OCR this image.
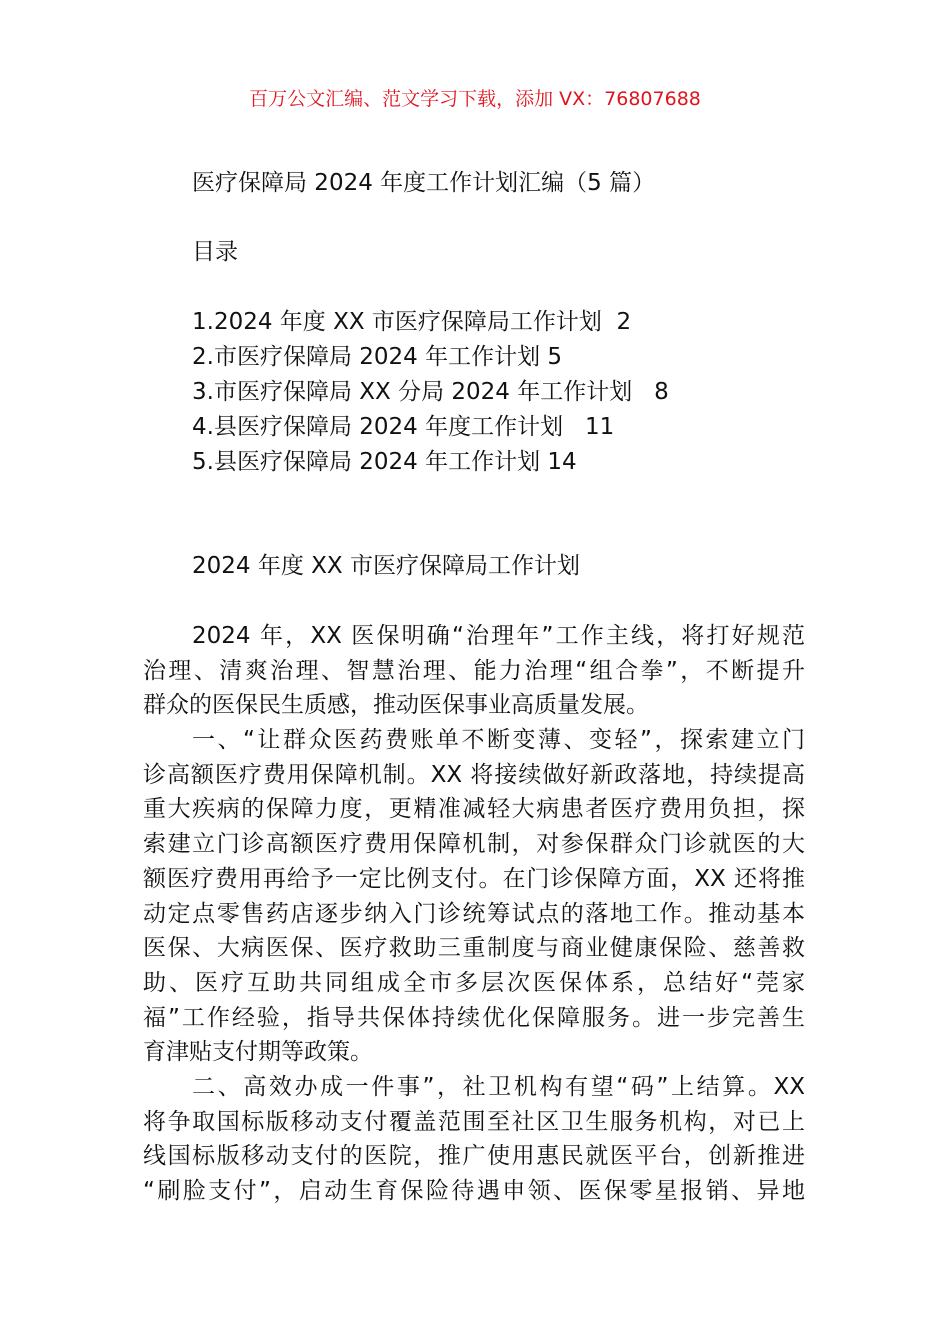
百万公文汇编、范文学习下载，添加 VX：76807688
医疗保障局 2024 年度工作计划汇编（5 篇）
目录
1.2024 年度 XX 市医疗保障局工作计划  2
2.市医疗保障局 2024 年工作计划 5
3.市医疗保障局 XX 分局 2024 年工作计划   8
4.县医疗保障局 2024 年度工作计划   11
5.县医疗保障局 2024 年工作计划 14
2024 年度 XX 市医疗保障局工作计划
2024 年，XX 医保明确“治理年”工作主线，将打好规范
治理、清爽治理、智慧治理、能力治理“组合拳”，不断提升
群众的医保民生质感，推动医保事业高质量发展。
一、“让群众医药费账单不断变薄、变轻”，探索建立门
诊高额医疗费用保障机制。XX 将接续做好新政落地，持续提高
重大疾病的保障力度，更精准减轻大病患者医疗费用负担，探
索建立门诊高额医疗费用保障机制，对参保群众门诊就医的大
额医疗费用再给予一定比例支付。在门诊保障方面，XX 还将推
动定点零售药店逐步纳入门诊统筹试点的落地工作。推动基本
医保、大病医保、医疗救助三重制度与商业健康保险、慈善救
助、医疗互助共同组成全市多层次医保体系，总结好“莞家
福”工作经验，指导共保体持续优化保障服务。进一步完善生
育津贴支付期等政策。
二、高效办成一件事”，社卫机构有望“码”上结算。XX
将争取国标版移动支付覆盖范围至社区卫生服务机构，对已上
线国标版移动支付的医院，推广使用惠民就医平台，创新推进
“刷脸支付”，启动生育保险待遇申领、医保零星报销、异地
